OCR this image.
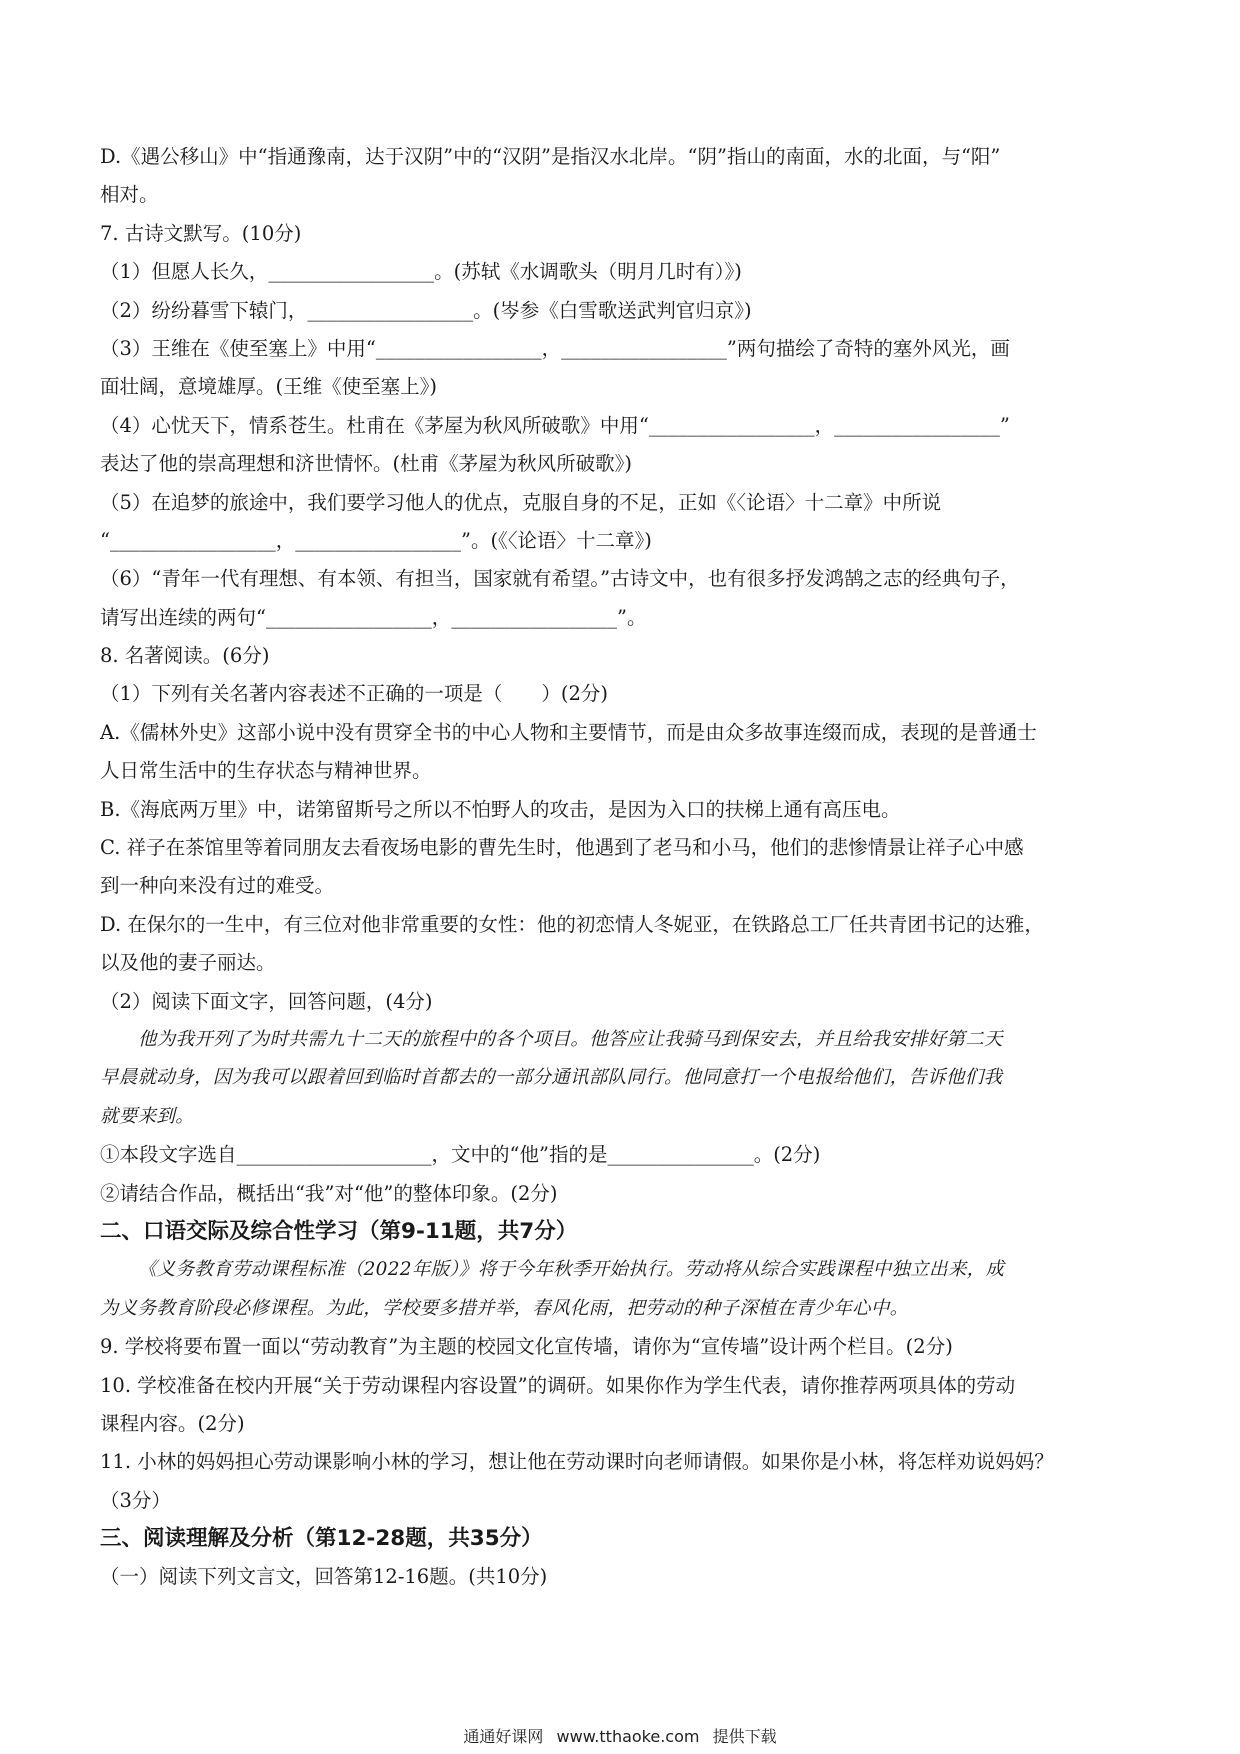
D.《遇公移山》中“指通豫南，达于汉阴”中的“汉阴”是指汉水北岸。“阴”指山的南面，水的北面，与“阳”
相对。
7. 古诗文默写。(10分)
（1）但愿人长久，_________________。(苏轼《水调歌头（明月几时有）》)
（2）纷纷暮雪下辕门，_________________。(岑参《白雪歌送武判官归京》)
（3）王维在《使至塞上》中用“_________________，_________________”两句描绘了奇特的塞外风光，画
面壮阔，意境雄厚。(王维《使至塞上》)
（4）心忧天下，情系苍生。杜甫在《茅屋为秋风所破歌》中用“_________________，_________________”
表达了他的崇高理想和济世情怀。(杜甫《茅屋为秋风所破歌》)
（5）在追梦的旅途中，我们要学习他人的优点，克服自身的不足，正如《〈论语〉十二章》中所说
“_________________，_________________”。(《〈论语〉十二章》)
（6）“青年一代有理想、有本领、有担当，国家就有希望。”古诗文中，也有很多抒发鸿鹄之志的经典句子，
请写出连续的两句“_________________，_________________”。
8. 名著阅读。(6分)
（1）下列有关名著内容表述不正确的一项是（　　）(2分)
A.《儒林外史》这部小说中没有贯穿全书的中心人物和主要情节，而是由众多故事连缀而成，表现的是普通士
人日常生活中的生存状态与精神世界。
B.《海底两万里》中，诺第留斯号之所以不怕野人的攻击，是因为入口的扶梯上通有高压电。
C. 祥子在茶馆里等着同朋友去看夜场电影的曹先生时，他遇到了老马和小马，他们的悲惨情景让祥子心中感
到一种向来没有过的难受。
D. 在保尔的一生中，有三位对他非常重要的女性：他的初恋情人冬妮亚，在铁路总工厂任共青团书记的达雅，
以及他的妻子丽达。
（2）阅读下面文字，回答问题，(4分)
他为我开列了为时共需九十二天的旅程中的各个项目。他答应让我骑马到保安去，并且给我安排好第二天
早晨就动身，因为我可以跟着回到临时首都去的一部分通讯部队同行。他同意打一个电报给他们，告诉他们我
就要来到。
①本段文字选自____________________，文中的“他”指的是_______________。(2分)
②请结合作品，概括出“我”对“他”的整体印象。(2分)
二、口语交际及综合性学习（第9-11题，共7分）
《义务教育劳动课程标准（2022年版）》将于今年秋季开始执行。劳动将从综合实践课程中独立出来，成
为义务教育阶段必修课程。为此，学校要多措并举，春风化雨，把劳动的种子深植在青少年心中。
9. 学校将要布置一面以“劳动教育”为主题的校园文化宣传墙，请你为“宣传墙”设计两个栏目。(2分)
10. 学校准备在校内开展“关于劳动课程内容设置”的调研。如果你作为学生代表，请你推荐两项具体的劳动
课程内容。(2分)
11. 小林的妈妈担心劳动课影响小林的学习，想让他在劳动课时向老师请假。如果你是小林，将怎样劝说妈妈？
（3分）
三、阅读理解及分析（第12-28题，共35分）
（一）阅读下列文言文，回答第12-16题。(共10分)
通通好课网 www.tthaoke.com 提供下载
